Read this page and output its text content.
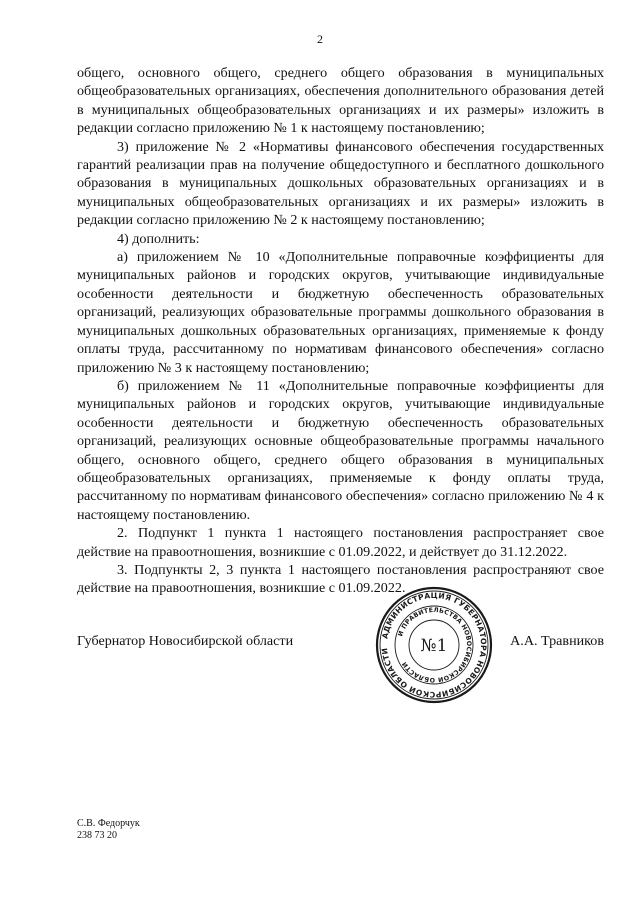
2

общего, основного общего, среднего общего образования в муниципальных общеобразовательных организациях, обеспечения дополнительного образования детей в муниципальных общеобразовательных организациях и их размеры» изложить в редакции согласно приложению № 1 к настоящему постановлению;

3) приложение № 2 «Нормативы финансового обеспечения государственных гарантий реализации прав на получение общедоступного и бесплатного дошкольного образования в муниципальных дошкольных образовательных организациях и в муниципальных общеобразовательных организациях и их размеры» изложить в редакции согласно приложению № 2 к настоящему постановлению;

4) дополнить:

а) приложением № 10 «Дополнительные поправочные коэффициенты для муниципальных районов и городских округов, учитывающие индивидуальные особенности деятельности и бюджетную обеспеченность образовательных организаций, реализующих образовательные программы дошкольного образования в муниципальных дошкольных образовательных организациях, применяемые к фонду оплаты труда, рассчитанному по нормативам финансового обеспечения» согласно приложению № 3 к настоящему постановлению;

б) приложением № 11 «Дополнительные поправочные коэффициенты для муниципальных районов и городских округов, учитывающие индивидуальные особенности деятельности и бюджетную обеспеченность образовательных организаций, реализующих основные общеобразовательные программы начального общего, основного общего, среднего общего образования в муниципальных общеобразовательных организациях, применяемые к фонду оплаты труда, рассчитанному по нормативам финансового обеспечения» согласно приложению № 4 к настоящему постановлению.

2. Подпункт 1 пункта 1 настоящего постановления распространяет свое действие на правоотношения, возникшие с 01.09.2022, и действует до 31.12.2022.

3. Подпункты 2, 3 пункта 1 настоящего постановления распространяют свое действие на правоотношения, возникшие с 01.09.2022.

Губернатор Новосибирской области	А.А. Травников
АДМИНИСТРАЦИЯ ГУБЕРНАТОРА НОВОСИБИРСКОЙ ОБЛАСТИ
И ПРАВИТЕЛЬСТВА НОВОСИБИРСКОЙ ОБЛАСТИ
№1
С.В. Федорчук
238 73 20
